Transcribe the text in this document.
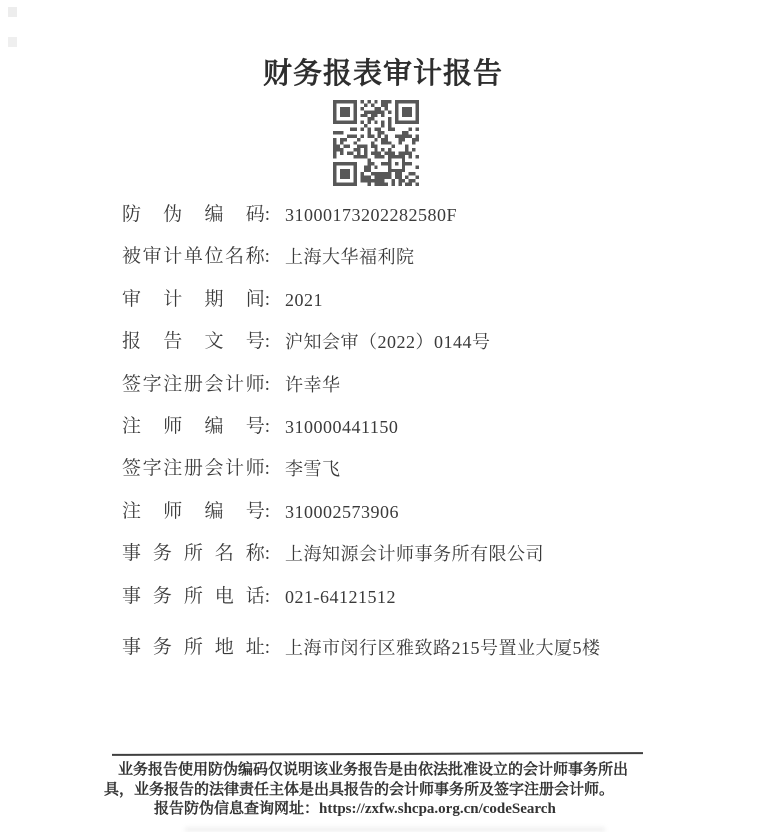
财务报表审计报告
防 伪 编 码: 31000173202282580F
被 审 计 单 位 名 称: 上海大华福利院
审 计 期 间: 2021
报 告 文 号: 沪知会审（2022）0144号
签 字 注 册 会 计 师: 许幸华
注 师 编 号: 310000441150
签 字 注 册 会 计 师: 李雪飞
注 师 编 号: 310002573906
事 务 所 名 称: 上海知源会计师事务所有限公司
事 务 所 电 话: 021-64121512
事 务 所 地 址: 上海市闵行区雅致路215号置业大厦5楼
业务报告使用防伪编码仅说明该业务报告是由依法批准设立的会计师事务所出
具，业务报告的法律责任主体是出具报告的会计师事务所及签字注册会计师。
报告防伪信息查询网址：https://zxfw.shcpa.org.cn/codeSearch
